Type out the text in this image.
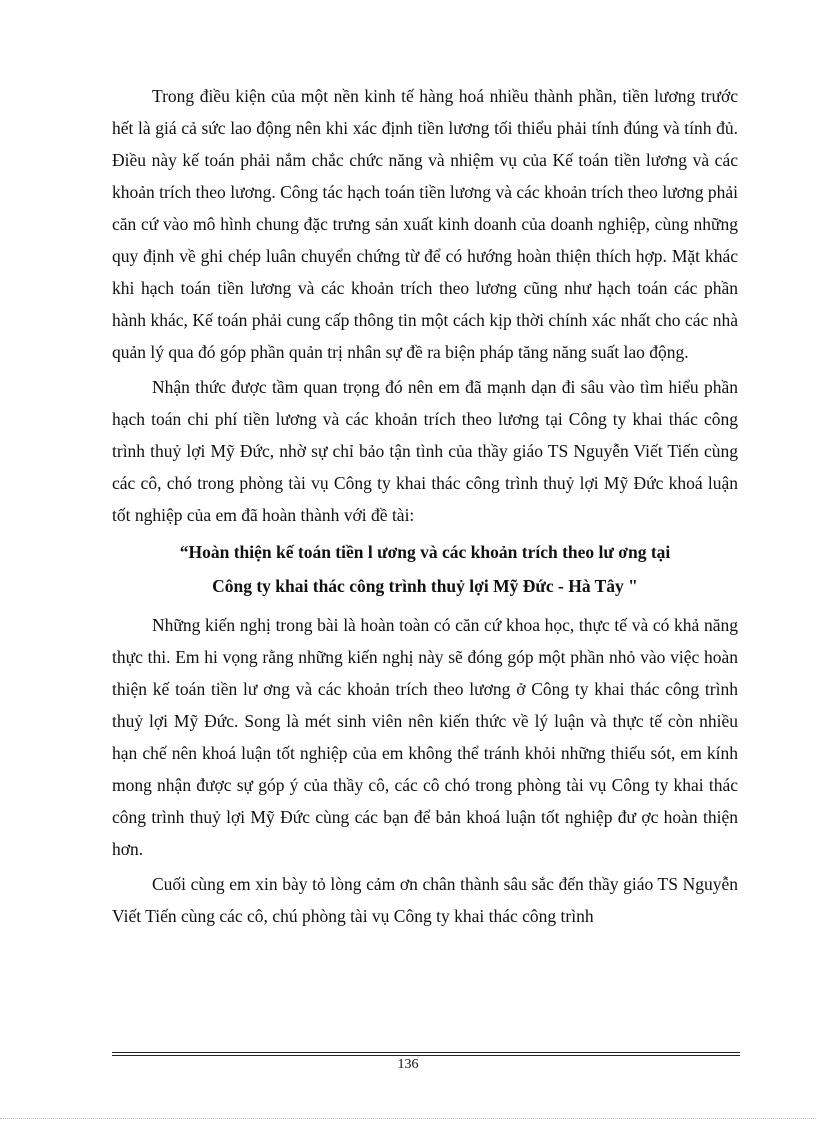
Trong điều kiện của một nền kinh tế hàng hoá nhiều thành phần, tiền lương trước hết là giá cả sức lao động nên khi xác định tiền lương tối thiểu phải tính đúng và tính đủ. Điều này kế toán phải nắm chắc chức năng và nhiệm vụ của Kế toán tiền lương và các khoản trích theo lương. Công tác hạch toán tiền lương và các khoản trích theo lương phải căn cứ vào mô hình chung đặc trưng sản xuất kinh doanh của doanh nghiệp, cùng những quy định về ghi chép luân chuyển chứng từ để có hướng hoàn thiện thích hợp. Mặt khác khi hạch toán tiền lương và các khoản trích theo lương cũng như hạch toán các phần hành khác, Kế toán phải cung cấp thông tin một cách kịp thời chính xác nhất cho các nhà quản lý qua đó góp phần quản trị nhân sự đề ra biện pháp tăng năng suất lao động.

Nhận thức được tầm quan trọng đó nên em đã mạnh dạn đi sâu vào tìm hiểu phần hạch toán chi phí tiền lương và các khoản trích theo lương tại Công ty khai thác công trình thuỷ lợi Mỹ Đức, nhờ sự chỉ bảo tận tình của thầy giáo TS Nguyễn Viết Tiến cùng các cô, chó trong phòng tài vụ Công ty khai thác công trình thuỷ lợi Mỹ Đức khoá luận tốt nghiệp của em đã hoàn thành với đề tài:

“Hoàn thiện kế toán tiền l ương và các khoản trích theo lư ơng tại
Công ty khai thác công trình thuỷ lợi Mỹ Đức - Hà Tây "

Những kiến nghị trong bài là hoàn toàn có căn cứ khoa học, thực tế và có khả năng thực thi. Em hi vọng rằng những kiến nghị này sẽ đóng góp một phần nhỏ vào việc hoàn thiện kế toán tiền lư ơng và các khoản trích theo lương ở Công ty khai thác công trình thuỷ lợi Mỹ Đức. Song là mét sinh viên nên kiến thức về lý luận và thực tế còn nhiều hạn chế nên khoá luận tốt nghiệp của em không thể tránh khỏi những thiếu sót, em kính mong nhận được sự góp ý của thầy cô, các cô chó trong phòng tài vụ Công ty khai thác công trình thuỷ lợi Mỹ Đức cùng các bạn để bản khoá luận tốt nghiệp đư ợc hoàn thiện hơn.

Cuối cùng em xin bày tỏ lòng cảm ơn chân thành sâu sắc đến thầy giáo TS Nguyễn Viết Tiến cùng các cô, chú phòng tài vụ Công ty khai thác công trình

136
